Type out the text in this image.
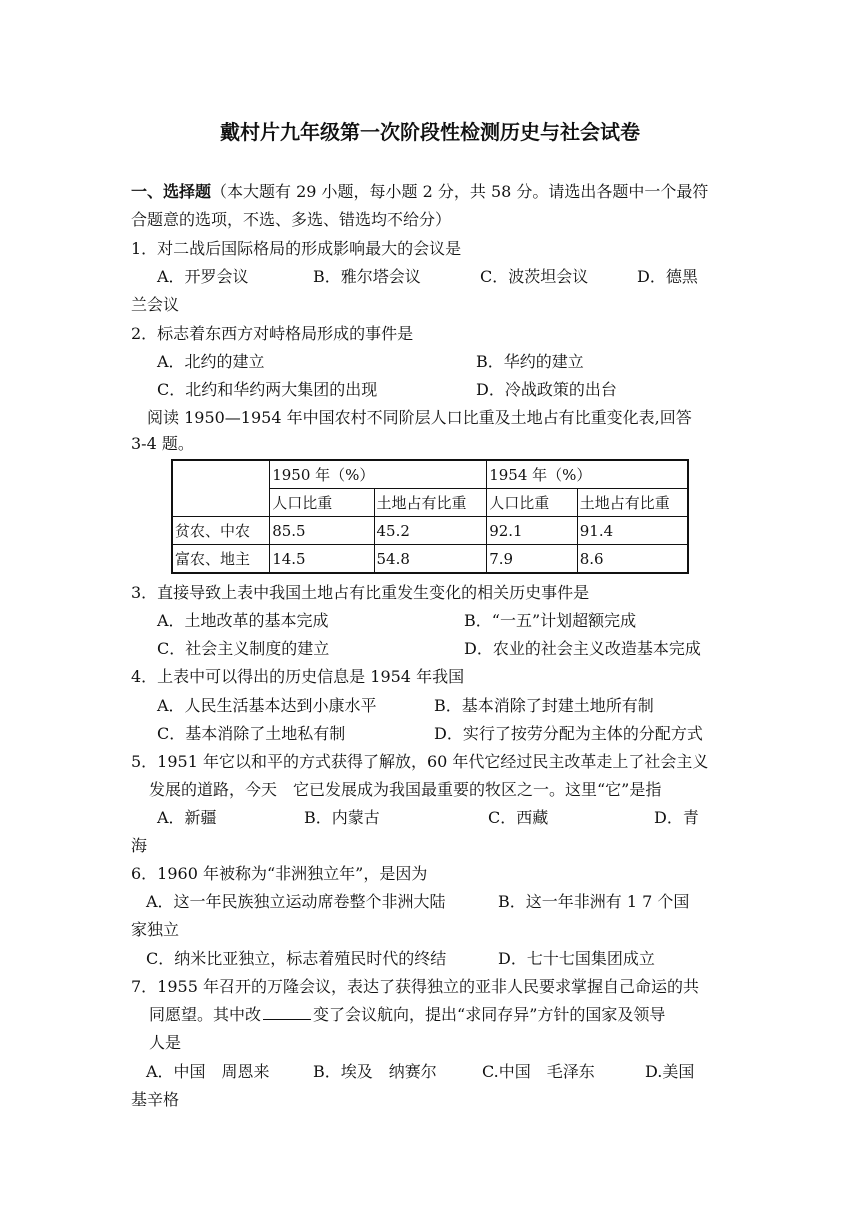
戴村片九年级第一次阶段性检测历史与社会试卷
一、选择题（本大题有 29 小题，每小题 2 分，共 58 分。请选出各题中一个最符
合题意的选项，不选、多选、错选均不给分）
1．对二战后国际格局的形成影响最大的会议是
A．开罗会议	B．雅尔塔会议	C．波茨坦会议	D．德黑
兰会议
2．标志着东西方对峙格局形成的事件是
A．北约的建立	B．华约的建立
C．北约和华约两大集团的出现	D．冷战政策的出台
阅读 1950—1954 年中国农村不同阶层人口比重及土地占有比重变化表,回答
3-4 题。
	1950 年（%）		1954 年（%）	
	人口比重	土地占有比重	人口比重	土地占有比重
贫农、中农	85.5	45.2	92.1	91.4
富农、地主	14.5	54.8	7.9	8.6
3．直接导致上表中我国土地占有比重发生变化的相关历史事件是
A．土地改革的基本完成	B．“一五”计划超额完成
C．社会主义制度的建立	D．农业的社会主义改造基本完成
4．上表中可以得出的历史信息是 1954 年我国
A．人民生活基本达到小康水平	B．基本消除了封建土地所有制
C．基本消除了土地私有制	D．实行了按劳分配为主体的分配方式
5．1951 年它以和平的方式获得了解放，60 年代它经过民主改革走上了社会主义
发展的道路，今天　它已发展成为我国最重要的牧区之一。这里“它”是指
A．新疆	B．内蒙古	C．西藏	D．青
海
6．1960 年被称为“非洲独立年”，是因为
A．这一年民族独立运动席卷整个非洲大陆	B．这一年非洲有 1 7 个国
家独立
C．纳米比亚独立，标志着殖民时代的终结	D．七十七国集团成立
7．1955 年召开的万隆会议，表达了获得独立的亚非人民要求掌握自己命运的共
同愿望。其中改	变了会议航向，提出“求同存异”方针的国家及领导
人是
A．中国　周恩来	B．埃及　纳赛尔	C.中国　毛泽东	D.美国
基辛格
